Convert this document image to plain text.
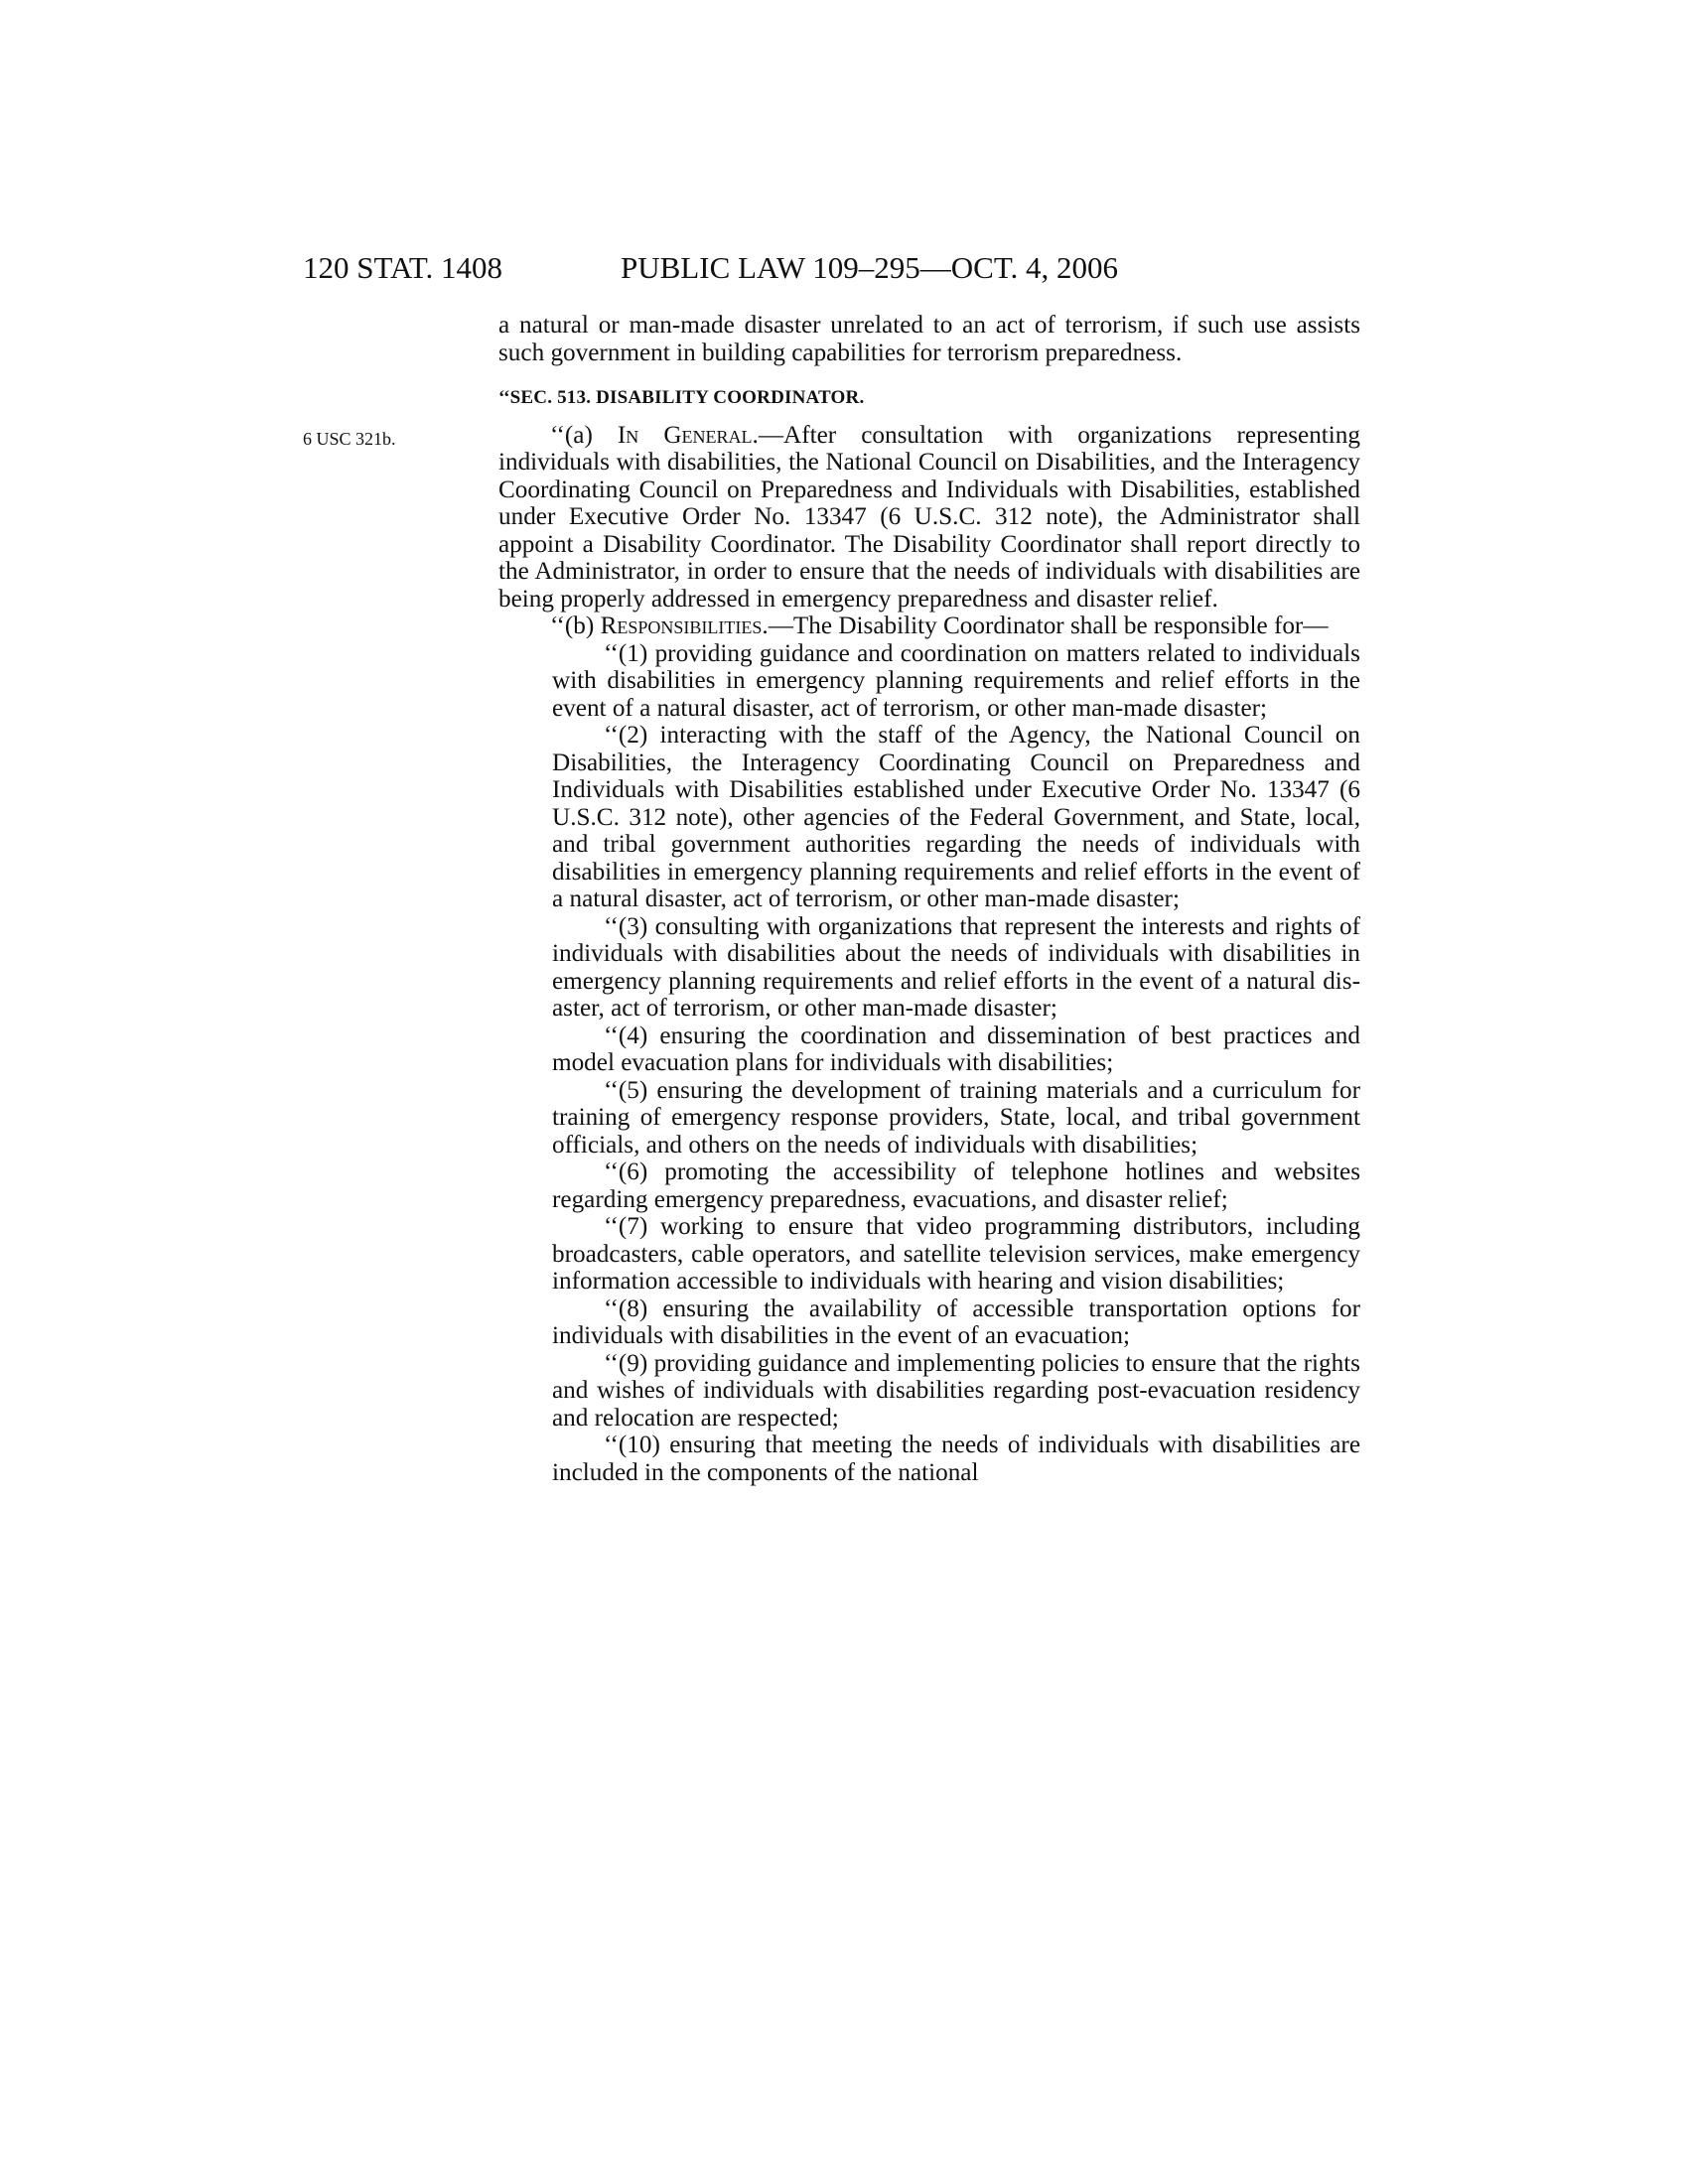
120 STAT. 1408	PUBLIC LAW 109–295—OCT. 4, 2006
6 USC 321b.

a natural or man-made disaster unrelated to an act of terrorism, if such use assists such government in building capabilities for terrorism preparedness.

‘‘SEC. 513. DISABILITY COORDINATOR.

‘‘(a) In General.—After consultation with organizations representing individuals with disabilities, the National Council on Disabilities, and the Interagency Coordinating Council on Preparedness and Individuals with Disabilities, established under Executive Order No. 13347 (6 U.S.C. 312 note), the Administrator shall appoint a Disability Coordinator. The Disability Coordinator shall report directly to the Administrator, in order to ensure that the needs of individuals with disabilities are being properly addressed in emergency preparedness and disaster relief.

‘‘(b) Responsibilities.—The Disability Coordinator shall be responsible for—

‘‘(1) providing guidance and coordination on matters related to individuals with disabilities in emergency planning requirements and relief efforts in the event of a natural disaster, act of terrorism, or other man-made disaster;

‘‘(2) interacting with the staff of the Agency, the National Council on Disabilities, the Interagency Coordinating Council on Preparedness and Individuals with Disabilities established under Executive Order No. 13347 (6 U.S.C. 312 note), other agencies of the Federal Government, and State, local, and tribal government authorities regarding the needs of individuals with disabilities in emergency planning requirements and relief efforts in the event of a natural disaster, act of terrorism, or other man-made disaster;

‘‘(3) consulting with organizations that represent the interests and rights of individuals with disabilities about the needs of individuals with disabilities in emergency planning requirements and relief efforts in the event of a natural disaster, act of terrorism, or other man-made disaster;

‘‘(4) ensuring the coordination and dissemination of best practices and model evacuation plans for individuals with disabilities;

‘‘(5) ensuring the development of training materials and a curriculum for training of emergency response providers, State, local, and tribal government officials, and others on the needs of individuals with disabilities;

‘‘(6) promoting the accessibility of telephone hotlines and websites regarding emergency preparedness, evacuations, and disaster relief;

‘‘(7) working to ensure that video programming distributors, including broadcasters, cable operators, and satellite television services, make emergency information accessible to individuals with hearing and vision disabilities;

‘‘(8) ensuring the availability of accessible transportation options for individuals with disabilities in the event of an evacuation;

‘‘(9) providing guidance and implementing policies to ensure that the rights and wishes of individuals with disabilities regarding post-evacuation residency and relocation are respected;

‘‘(10) ensuring that meeting the needs of individuals with disabilities are included in the components of the national
